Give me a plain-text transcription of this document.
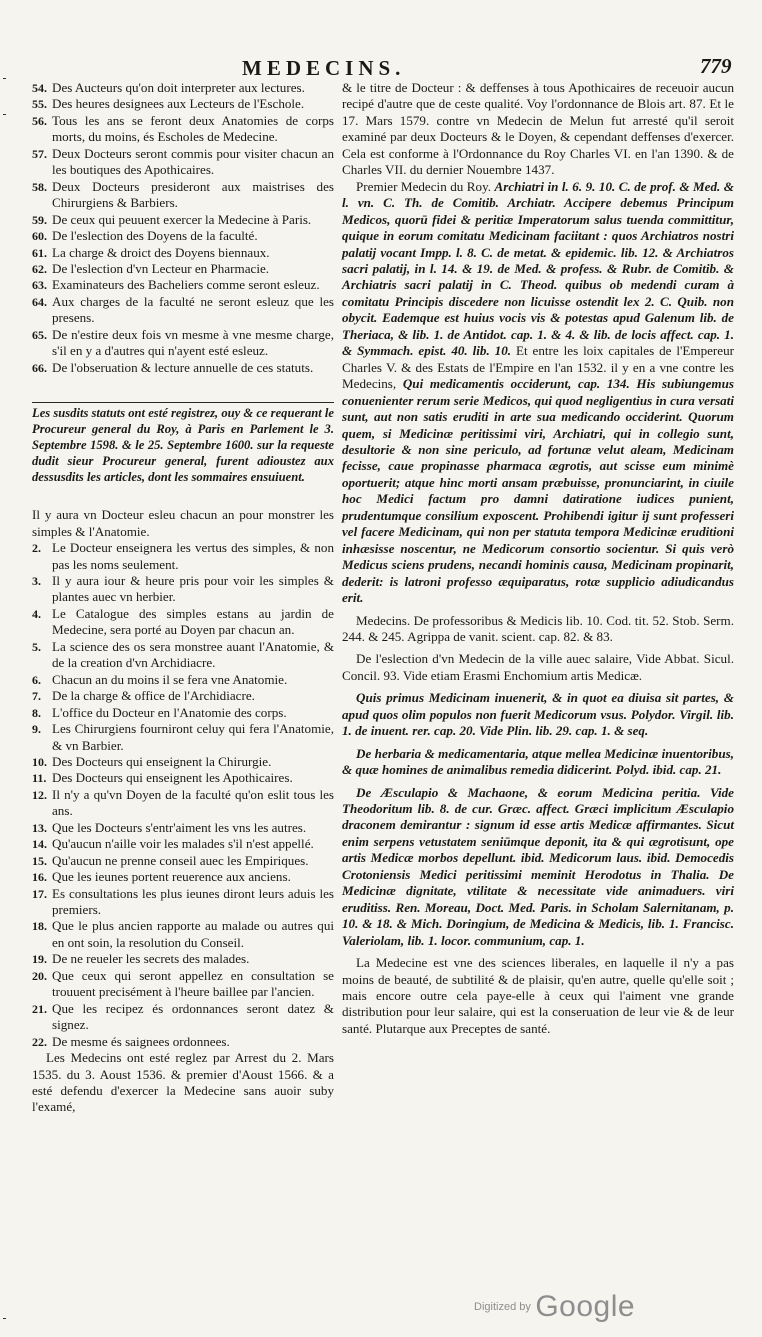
MEDECINS.	779
54. Des Aucteurs qu'on doit interpreter aux lectures.
55. Des heures designees aux Lecteurs de l'Eschole.
56. Tous les ans se feront deux Anatomies de corps morts, du moins, és Escholes de Medecine.
57. Deux Docteurs seront commis pour visiter chacun an les boutiques des Apothicaires.
58. Deux Docteurs presideront aux maistrises des Chirurgiens & Barbiers.
59. De ceux qui peuuent exercer la Medecine à Paris.
60. De l'eslection des Doyens de la faculté.
61. La charge & droict des Doyens biennaux.
62. De l'eslection d'vn Lecteur en Pharmacie.
63. Examinateurs des Bacheliers comme seront esleuz.
64. Aux charges de la faculté ne seront esleuz que les presens.
65. De n'estire deux fois vn mesme à vne mesme charge, s'il en y a d'autres qui n'ayent esté esleuz.
66. De l'obseruation & lecture annuelle de ces statuts.
Les susdits statuts ont esté registrez, ouy & ce requerant le Procureur general du Roy, à Paris en Parlement le 3. Septembre 1598. & le 25. Septembre 1600. sur la requeste dudit sieur Procureur general, furent adioustez aux dessusdits les articles, dont les sommaires ensuiuent.
Il y aura vn Docteur esleu chacun an pour monstrer les simples & l'Anatomie.
2. Le Docteur enseignera les vertus des simples, & non pas les noms seulement.
3. Il y aura iour & heure pris pour voir les simples & plantes auec vn herbier.
4. Le Catalogue des simples estans au jardin de Medecine, sera porté au Doyen par chacun an.
5. La science des os sera monstree auant l'Anatomie, & de la creation d'vn Archidiacre.
6. Chacun an du moins il se fera vne Anatomie.
7. De la charge & office de l'Archidiacre.
8. L'office du Docteur en l'Anatomie des corps.
9. Les Chirurgiens fourniront celuy qui fera l'Anatomie, & vn Barbier.
10. Des Docteurs qui enseignent la Chirurgie.
11. Des Docteurs qui enseignent les Apothicaires.
12. Il n'y a qu'vn Doyen de la faculté qu'on eslit tous les ans.
13. Que les Docteurs s'entr'aiment les vns les autres.
14. Qu'aucun n'aille voir les malades s'il n'est appellé.
15. Qu'aucun ne prenne conseil auec les Empiriques.
16. Que les ieunes portent reuerence aux anciens.
17. Es consultations les plus ieunes diront leurs aduis les premiers.
18. Que le plus ancien rapporte au malade ou autres qui en ont soin, la resolution du Conseil.
19. De ne reueler les secrets des malades.
20. Que ceux qui seront appellez en consultation se trouuent precisément à l'heure baillee par l'ancien.
21. Que les recipez és ordonnances seront datez & signez.
22. De mesme és saignees ordonnees.
Les Medecins ont esté reglez par Arrest du 2. Mars 1535. du 3. Aoust 1536. & premier d'Aoust 1566. & a esté defendu d'exercer la Medecine sans auoir suby l'examé,
& le titre de Docteur : & deffenses à tous Apothicaires de receuoir aucun recipé d'autre que de ceste qualité. Voy l'ordonnance de Blois art. 87. Et le 17. Mars 1579. contre vn Medecin de Melun fut arresté qu'il seroit examiné par deux Docteurs & le Doyen, & cependant deffenses d'exercer. Cela est conforme à l'Ordonnance du Roy Charles VI. en l'an 1390. & de Charles VII. du dernier Nouembre 1437.
Premier Medecin du Roy. Archiatri in l. 6. 9. 10. C. de prof. & Med. & l. vn. C. Th. de Comitib. Archiatr. Accipere debemus Principum Medicos, quorū fidei & peritiæ Imperatorum salus tuenda committitur, quique in eorum comitatu Medicinam faciitant : quos Archiatros nostri palatij vocant Impp. l. 8. C. de metat. & epidemic. lib. 12. & Archiatros sacri palatij, in l. 14. & 19. de Med. & profess. & Rubr. de Comitib. & Archiatris sacri palatij in C. Theod. quibus ob medendi curam à comitatu Principis discedere non licuisse ostendit lex 2. C. Quib. non obycit. Eademque est huius vocis vis & potestas apud Galenum lib. de Theriaca, & lib. 1. de Antidot. cap. 1. & 4. & lib. de locis affect. cap. 1. & Symmach. epist. 40. lib. 10. Et entre les loix capitales de l'Empereur Charles V. & des Estats de l'Empire en l'an 1532. il y en a vne contre les Medecins, Qui medicamentis occiderunt, cap. 134. His subiungemus conuenienter rerum serie Medicos, qui quod negligentius in cura versati sunt, aut non satis eruditi in arte sua medicando occiderint. Quorum quem, si Medicinæ peritissimi viri, Archiatri, qui in collegio sunt, desultorie & non sine periculo, ad fortunæ velut aleam, Medicinam fecisse, caue propinasse pharmaca ægrotis, aut scisse eum minimè oportuerit; atque hinc morti ansam præbuisse, pronunciarint, in ciuile hoc Medici factum pro damni datiratione iudices punient, prudentumque consilium exposcent. Prohibendi igitur ij sunt professeri vel facere Medicinam, qui non per statuta tempora Medicinæ eruditioni inhæsisse noscentur, ne Medicorum consortio socientur. Si quis verò Medicus sciens prudens, necandi hominis causa, Medicinam propinarit, dederit: is latroni professo æquiparatus, rotæ supplicio adiudicandus erit.
Medecins. De professoribus & Medicis lib. 10. Cod. tit. 52. Stob. Serm. 244. & 245. Agrippa de vanit. scient. cap. 82. & 83.
De l'eslection d'vn Medecin de la ville auec salaire, Vide Abbat. Sicul. Concil. 93. Vide etiam Erasmi Enchomium artis Medicæ.
Quis primus Medicinam inuenerit, & in quot ea diuisa sit partes, & apud quos olim populos non fuerit Medicorum vsus. Polydor. Virgil. lib. 1. de inuent. rer. cap. 20. Vide Plin. lib. 29. cap. 1. & seq.
De herbaria & medicamentaria, atque mellea Medicinæ inuentoribus, & quæ homines de animalibus remedia didicerint. Polyd. ibid. cap. 21.
De Æsculapio & Machaone, & eorum Medicina peritia. Vide Theodoritum lib. 8. de cur. Græc. affect. Græci implicitum Æsculapio draconem demirantur : signum id esse artis Medicæ affirmantes. Sicut enim serpens vetustatem seniūmque deponit, ita & qui ægrotisunt, ope artis Medicæ morbos depellunt. ibid. Medicorum laus. ibid. Democedis Crotoniensis Medici peritissimi meminit Herodotus in Thalia. De Medicinæ dignitate, vtilitate & necessitate vide animaduers. viri eruditiss. Ren. Moreau, Doct. Med. Paris. in Scholam Salernitanam, p. 10. & 18. & Mich. Doringium, de Medicina & Medicis, lib. 1. Francisc. Valeriolam, lib. 1. locor. communium, cap. 1.
La Medecine est vne des sciences liberales, en laquelle il n'y a pas moins de beauté, de subtilité & de plaisir, qu'en autre, quelle qu'elle soit ; mais encore outre cela paye-elle à ceux qui l'aiment vne grande distribution pour leur salaire, qui est la conseruation de leur vie & de leur santé. Plutarque aux Preceptes de santé.
Digitized by Google
